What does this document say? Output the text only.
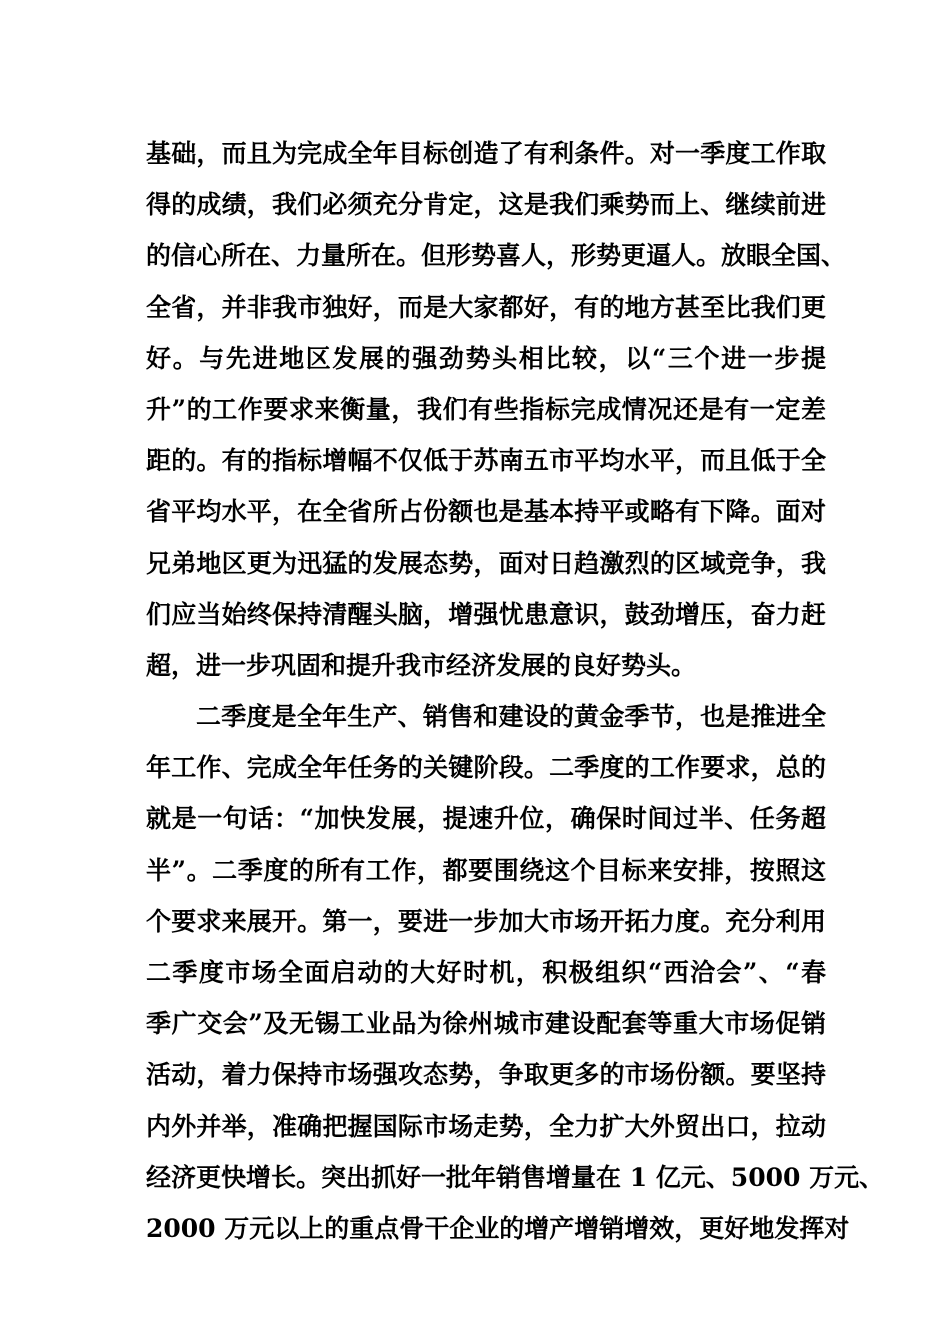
基础，而且为完成全年目标创造了有利条件。对一季度工作取
得的成绩，我们必须充分肯定，这是我们乘势而上、继续前进
的信心所在、力量所在。但形势喜人，形势更逼人。放眼全国、
全省，并非我市独好，而是大家都好，有的地方甚至比我们更
好。与先进地区发展的强劲势头相比较，以“三个进一步提
升”的工作要求来衡量，我们有些指标完成情况还是有一定差
距的。有的指标增幅不仅低于苏南五市平均水平，而且低于全
省平均水平，在全省所占份额也是基本持平或略有下降。面对
兄弟地区更为迅猛的发展态势，面对日趋激烈的区域竞争，我
们应当始终保持清醒头脑，增强忧患意识，鼓劲增压，奋力赶
超，进一步巩固和提升我市经济发展的良好势头。
二季度是全年生产、销售和建设的黄金季节，也是推进全
年工作、完成全年任务的关键阶段。二季度的工作要求，总的
就是一句话：“加快发展，提速升位，确保时间过半、任务超
半”。二季度的所有工作，都要围绕这个目标来安排，按照这
个要求来展开。第一，要进一步加大市场开拓力度。充分利用
二季度市场全面启动的大好时机，积极组织“西洽会”、“春
季广交会”及无锡工业品为徐州城市建设配套等重大市场促销
活动，着力保持市场强攻态势，争取更多的市场份额。要坚持
内外并举，准确把握国际市场走势，全力扩大外贸出口，拉动
经济更快增长。突出抓好一批年销售增量在 1 亿元、5000 万元、
2000 万元以上的重点骨干企业的增产增销增效，更好地发挥对
